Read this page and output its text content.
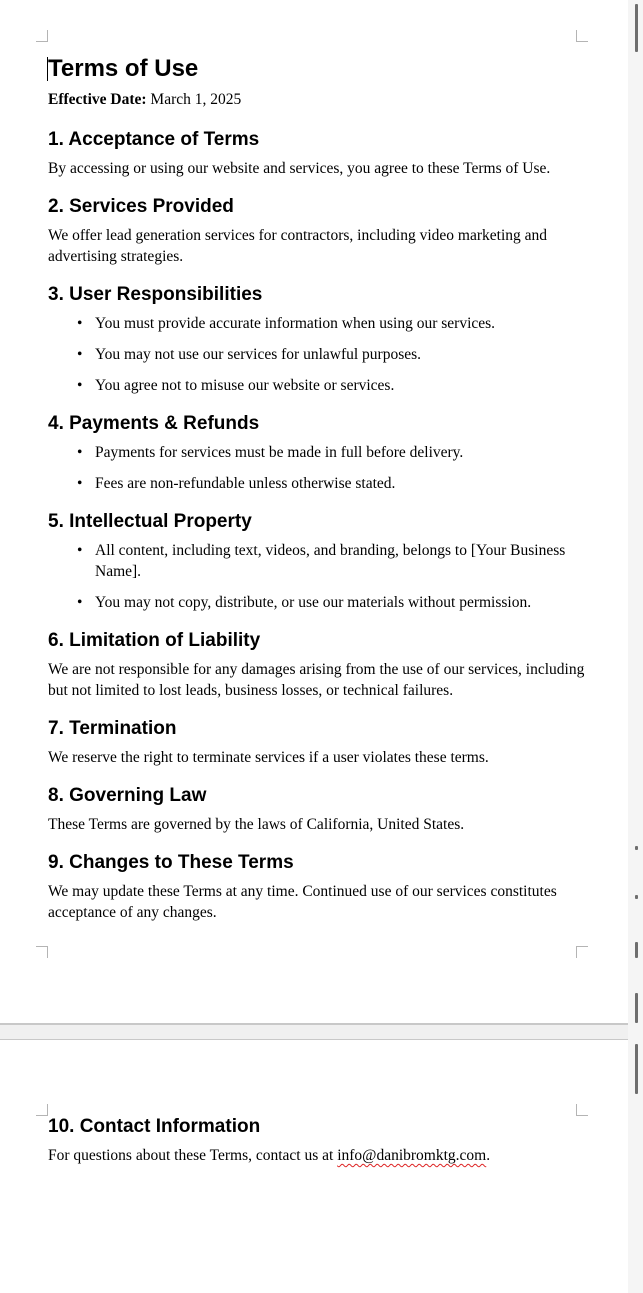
Terms of Use
Effective Date: March 1, 2025
1. Acceptance of Terms

By accessing or using our website and services, you agree to these Terms of Use.

2. Services Provided

We offer lead generation services for contractors, including video marketing and advertising strategies.

3. User Responsibilities
• You must provide accurate information when using our services.
• You may not use our services for unlawful purposes.
• You agree not to misuse our website or services.
4. Payments & Refunds
• Payments for services must be made in full before delivery.
• Fees are non-refundable unless otherwise stated.
5. Intellectual Property
• All content, including text, videos, and branding, belongs to [Your Business Name].
• You may not copy, distribute, or use our materials without permission.
6. Limitation of Liability

We are not responsible for any damages arising from the use of our services, including but not limited to lost leads, business losses, or technical failures.

7. Termination

We reserve the right to terminate services if a user violates these terms.

8. Governing Law

These Terms are governed by the laws of California, United States.

9. Changes to These Terms

We may update these Terms at any time. Continued use of our services constitutes acceptance of any changes.

10. Contact Information

For questions about these Terms, contact us at info@danibromktg.com.
